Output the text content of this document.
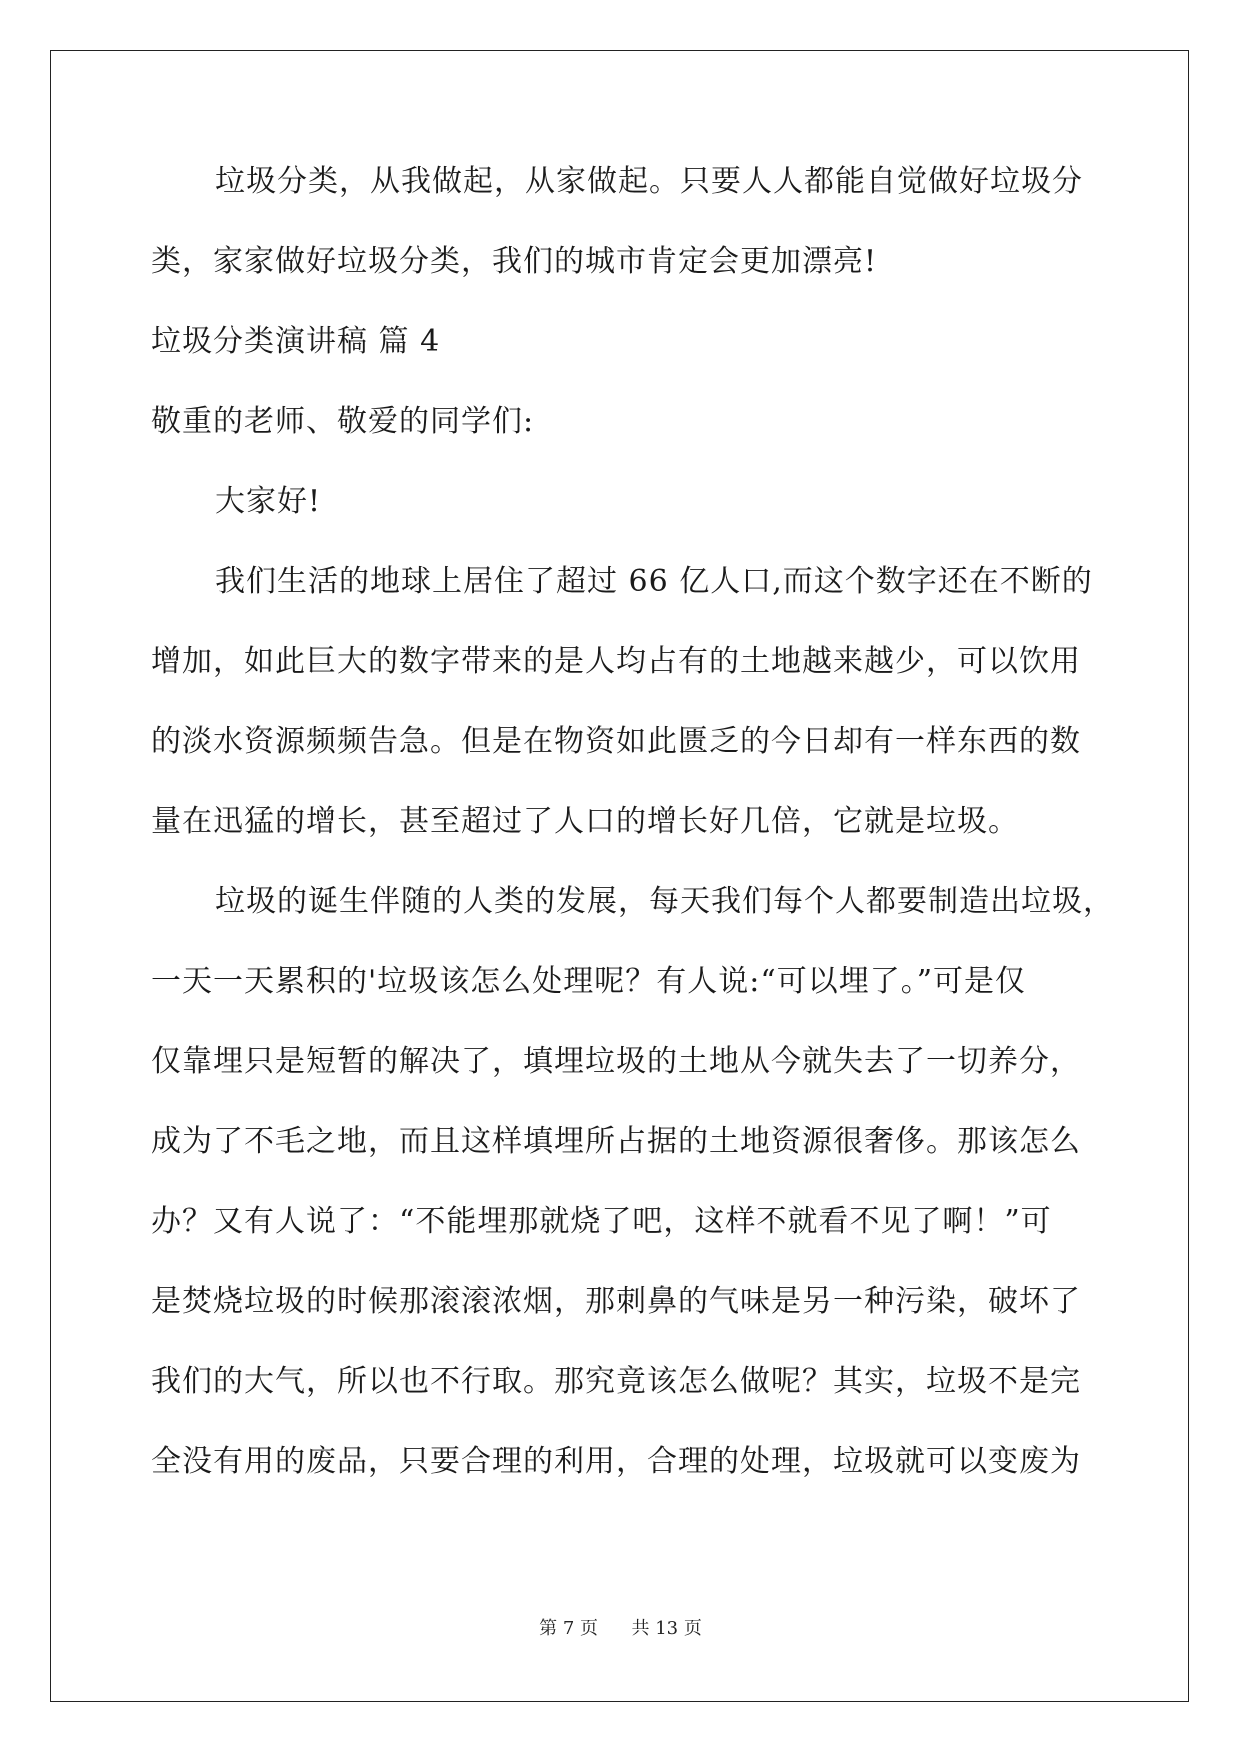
垃圾分类，从我做起，从家做起。只要人人都能自觉做好垃圾分

类，家家做好垃圾分类，我们的城市肯定会更加漂亮!

垃圾分类演讲稿 篇 4

敬重的老师、敬爱的同学们:

大家好!

我们生活的地球上居住了超过 66 亿人口,而这个数字还在不断的

增加，如此巨大的数字带来的是人均占有的土地越来越少，可以饮用

的淡水资源频频告急。但是在物资如此匮乏的今日却有一样东西的数

量在迅猛的增长，甚至超过了人口的增长好几倍，它就是垃圾。

垃圾的诞生伴随的人类的发展，每天我们每个人都要制造出垃圾，

一天一天累积的'垃圾该怎么处理呢？有人说:“可以埋了。”可是仅

仅靠埋只是短暂的解决了，填埋垃圾的土地从今就失去了一切养分，

成为了不毛之地，而且这样填埋所占据的土地资源很奢侈。那该怎么

办？又有人说了：“不能埋那就烧了吧，这样不就看不见了啊！”可

是焚烧垃圾的时候那滚滚浓烟，那刺鼻的气味是另一种污染，破坏了

我们的大气，所以也不行取。那究竟该怎么做呢？其实，垃圾不是完

全没有用的废品，只要合理的利用，合理的处理，垃圾就可以变废为

第 7 页 共 13 页
